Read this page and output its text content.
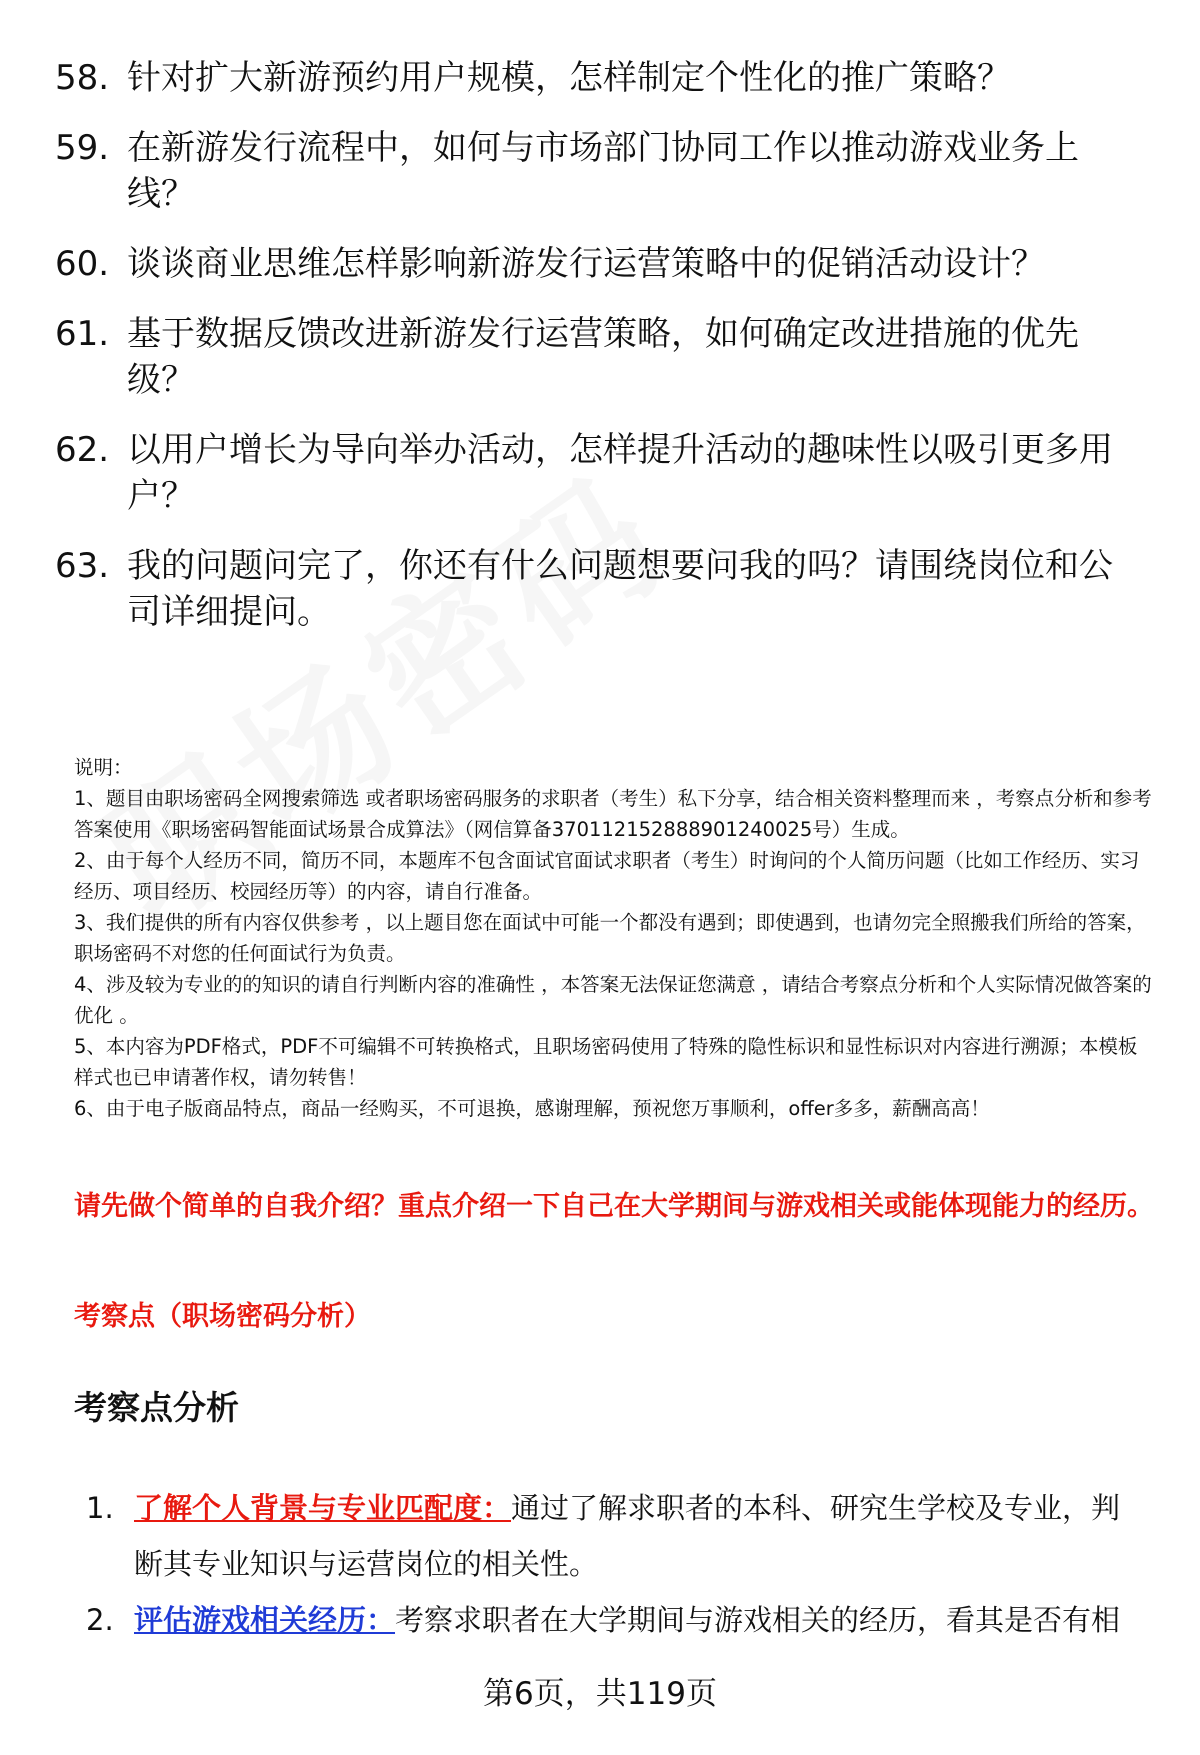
58. 针对扩大新游预约用户规模，怎样制定个性化的推广策略？
59. 在新游发行流程中，如何与市场部门协同工作以推动游戏业务上线？
60. 谈谈商业思维怎样影响新游发行运营策略中的促销活动设计？
61. 基于数据反馈改进新游发行运营策略，如何确定改进措施的优先级？
62. 以用户增长为导向举办活动，怎样提升活动的趣味性以吸引更多用户？
63. 我的问题问完了，你还有什么问题想要问我的吗？请围绕岗位和公司详细提问。

说明：

1、题目由职场密码全网搜索筛选 或者职场密码服务的求职者（考生）私下分享，结合相关资料整理而来 ，考察点分析和参考答案使用《职场密码智能面试场景合成算法》（网信算备370112152888901240025号）生成。

2、由于每个人经历不同，简历不同，本题库不包含面试官面试求职者（考生）时询问的个人简历问题（比如工作经历、实习经历、项目经历、校园经历等）的内容，请自行准备。

3、我们提供的所有内容仅供参考 ，以上题目您在面试中可能一个都没有遇到；即使遇到，也请勿完全照搬我们所给的答案，职场密码不对您的任何面试行为负责。

4、涉及较为专业的的知识的请自行判断内容的准确性 ，本答案无法保证您满意 ，请结合考察点分析和个人实际情况做答案的优化 。

5、本内容为PDF格式，PDF不可编辑不可转换格式，且职场密码使用了特殊的隐性标识和显性标识对内容进行溯源；本模板样式也已申请著作权，请勿转售！

6、由于电子版商品特点，商品一经购买，不可退换，感谢理解，预祝您万事顺利，offer多多，薪酬高高！

请先做个简单的自我介绍？重点介绍一下自己在大学期间与游戏相关或能体现能力的经历。
考察点（职场密码分析）
考察点分析
1. 了解个人背景与专业匹配度：通过了解求职者的本科、研究生学校及专业，判断其专业知识与运营岗位的相关性。
2. 评估游戏相关经历：考察求职者在大学期间与游戏相关的经历，看其是否有相
第6页，共119页
